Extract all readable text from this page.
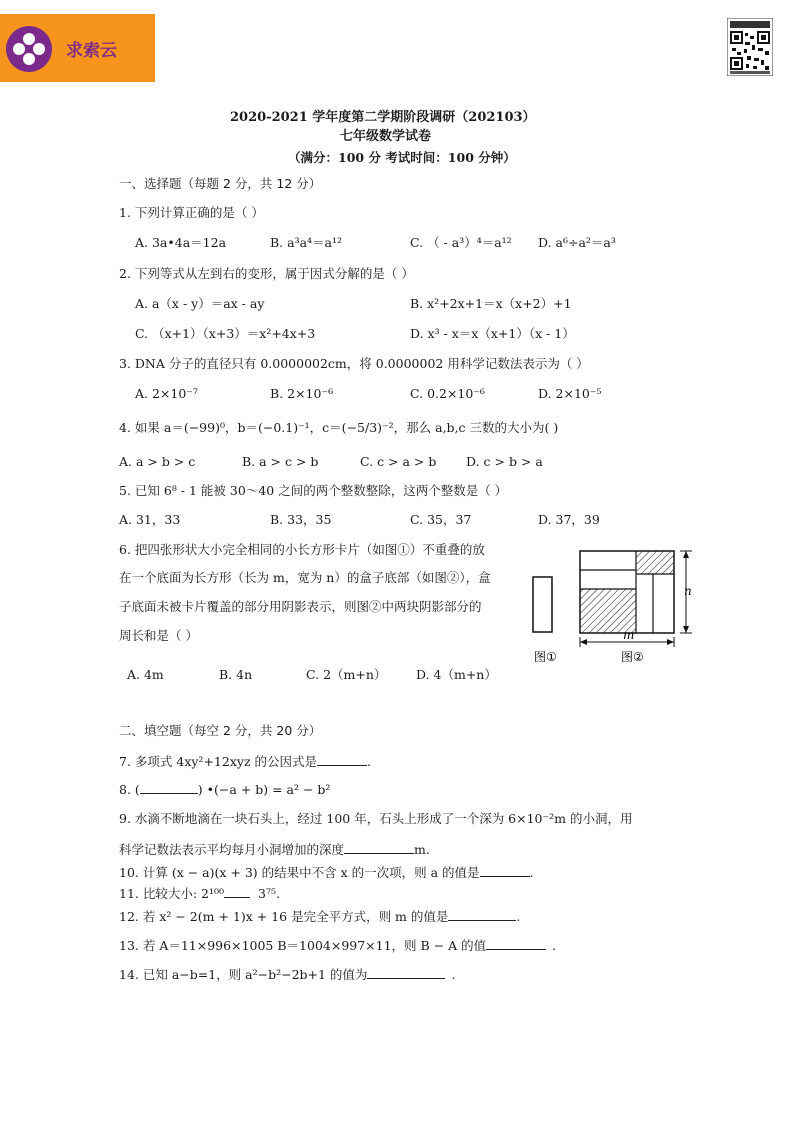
求索云
2020-2021 学年度第二学期阶段调研（202103）
七年级数学试卷
（满分：100 分 考试时间：100 分钟）
一、选择题（每题 2 分，共 12 分）
1. 下列计算正确的是（ ）
A. 3a•4a＝12a	B. a³a⁴＝a¹²	C. （ - a³）⁴＝a¹² D. a⁶÷a²＝a³
2. 下列等式从左到右的变形，属于因式分解的是（ ）
A. a（x - y）＝ax - ay	B. x²+2x+1＝x（x+2）+1
C. （x+1）（x+3）＝x²+4x+3	D. x³ - x＝x（x+1）（x - 1）
3. DNA 分子的直径只有 0.0000002cm，将 0.0000002 用科学记数法表示为（ ）
A. 2×10⁻⁷	B. 2×10⁻⁶	C. 0.2×10⁻⁶	D. 2×10⁻⁵
4. 如果 a＝(−99)⁰，b＝(−0.1)⁻¹，c＝(−5/3)⁻²，那么 a,b,c 三数的大小为( )
A. a > b > c	B. a > c > b	C. c > a > b D. c > b > a
5. 已知 6⁸ - 1 能被 30～40 之间的两个整数整除，这两个整数是（ ）
A. 31，33	B. 33，35	C. 35，37	D. 37，39
6. 把四张形状大小完全相同的小长方形卡片（如图①）不重叠的放
在一个底面为长方形（长为 m，宽为 n）的盒子底部（如图②），盒
子底面未被卡片覆盖的部分用阴影表示，则图②中两块阴影部分的
周长和是（ ）
A. 4m	B. 4n	C. 2（m+n） D. 4（m+n）
n
m
图①	图②
二、填空题（每空 2 分，共 20 分）
7. 多项式 4xy²+12xyz 的公因式是	.
8. (	) •(−a + b) = a² − b²
9. 水滴不断地滴在一块石头上，经过 100 年，石头上形成了一个深为 6×10⁻²m 的小洞，用
科学记数法表示平均每月小洞增加的深度	m.
10. 计算 (x − a)(x + 3) 的结果中不含 x 的一次项，则 a 的值是	.
11. 比较大小: 2¹⁰⁰	3⁷⁵.
12. 若 x² − 2(m + 1)x + 16 是完全平方式，则 m 的值是	.
13. 若 A＝11×996×1005 B＝1004×997×11，则 B − A 的值	.
14. 已知 a−b=1，则 a²−b²−2b+1 的值为	.
